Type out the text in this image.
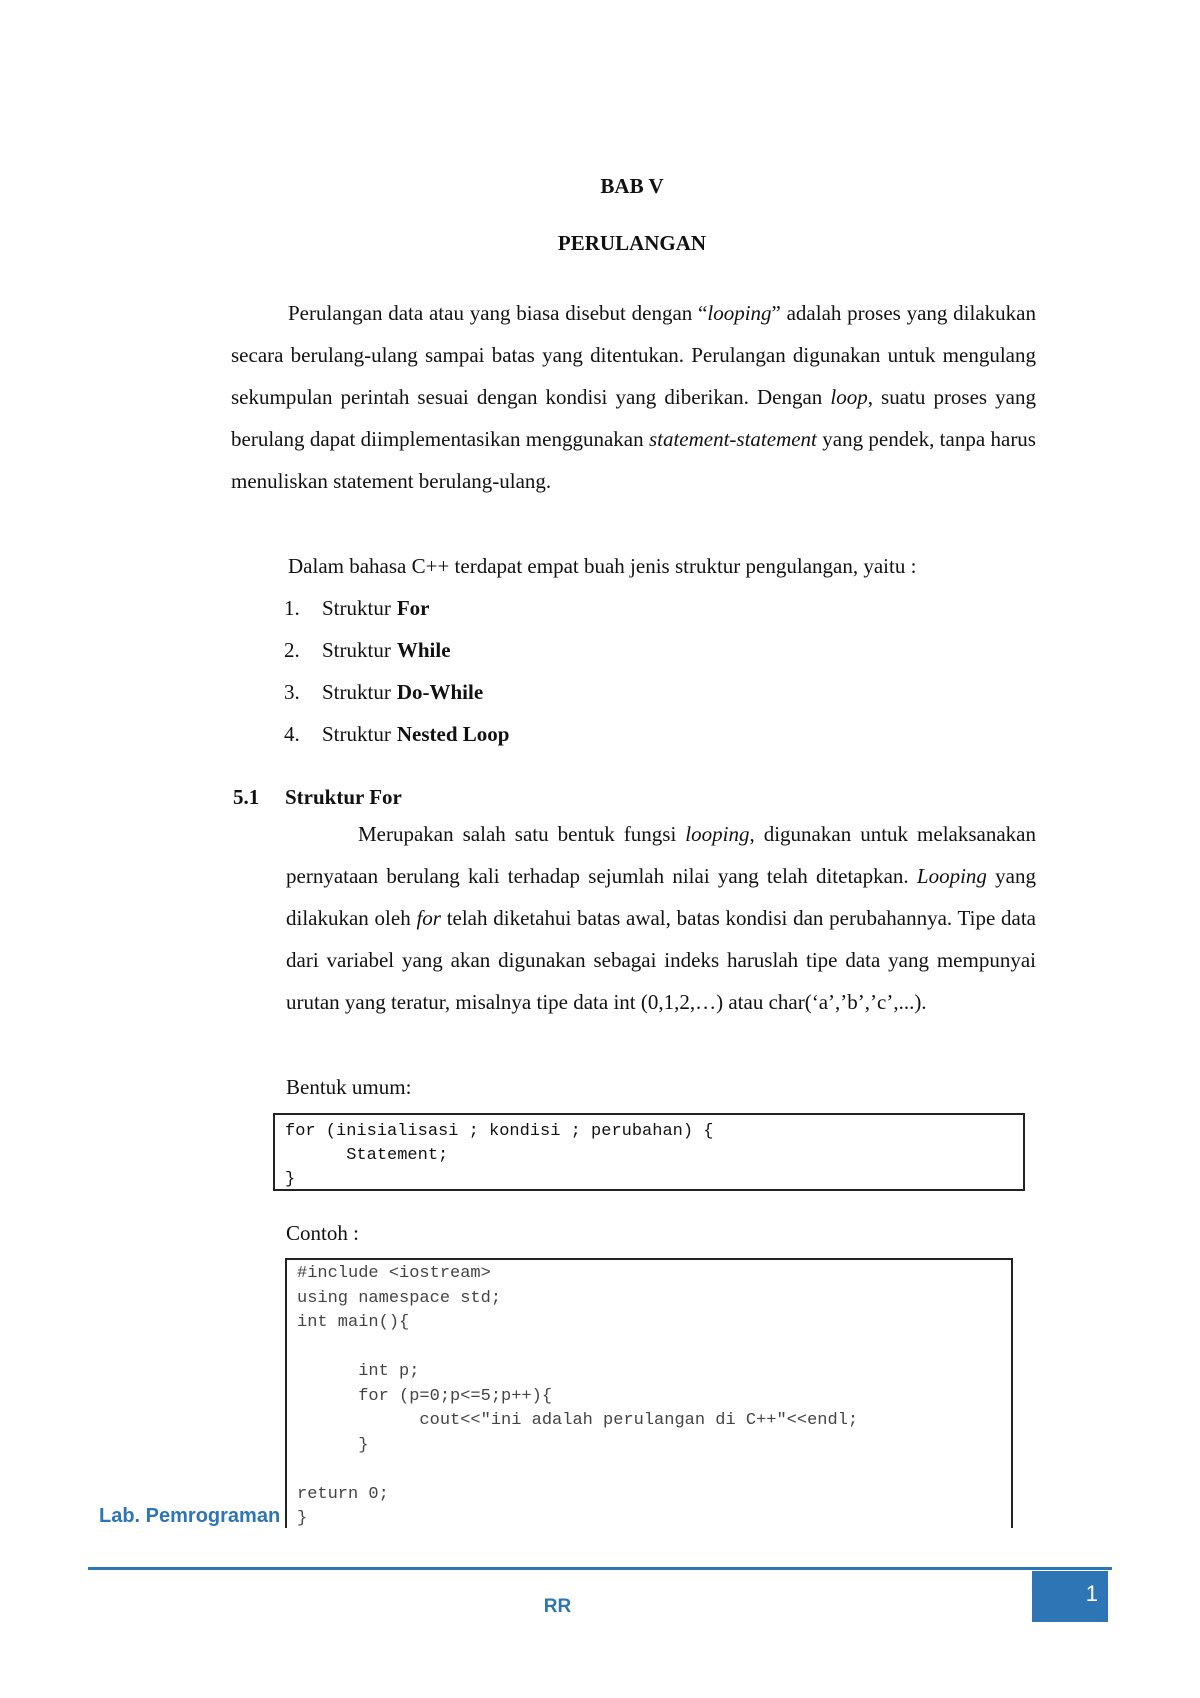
BAB V
PERULANGAN

Perulangan data atau yang biasa disebut dengan “looping” adalah proses yang dilakukan secara berulang-ulang sampai batas yang ditentukan. Perulangan digunakan untuk mengulang sekumpulan perintah sesuai dengan kondisi yang diberikan. Dengan loop, suatu proses yang berulang dapat diimplementasikan menggunakan statement-statement yang pendek, tanpa harus menuliskan statement berulang-ulang.

Dalam bahasa C++ terdapat empat buah jenis struktur pengulangan, yaitu :
1.	Struktur For
2.	Struktur While
3.	Struktur Do-While
4.	Struktur Nested Loop
5.1 Struktur For

Merupakan salah satu bentuk fungsi looping, digunakan untuk melaksanakan pernyataan berulang kali terhadap sejumlah nilai yang telah ditetapkan. Looping yang dilakukan oleh for telah diketahui batas awal, batas kondisi dan perubahannya. Tipe data dari variabel yang akan digunakan sebagai indeks haruslah tipe data yang mempunyai urutan yang teratur, misalnya tipe data int (0,1,2,…) atau char(‘a’,’b’,’c’,...).

Bentuk umum:
for (inisialisasi ; kondisi ; perubahan) {
Statement;
}
Contoh :
#include <iostream>
using namespace std;
int main(){

int p;
for (p=0;p<=5;p++){
cout<<"ini adalah perulangan di C++"<<endl;
}

return 0;
}
Lab. Pemrograman
RR
1
